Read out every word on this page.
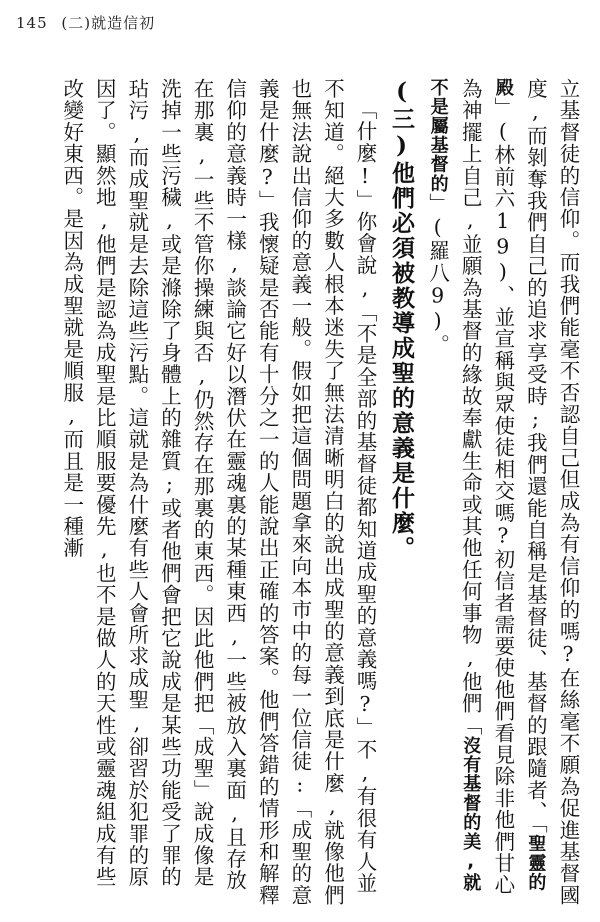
145 (二)就造信初

立基督徒的信仰。而我們能毫不否認自己但成為有信仰的嗎?在絲毫不願為促進基督國度,而剝奪我們自己的追求享受時;我們還能自稱是基督徒、基督的跟隨者、「聖靈的殿」(林前六19)、並宣稱與眾使徒相交嗎?初信者需要使他們看見除非他們甘心為神擺上自己,並願為基督的緣故奉獻生命或其他任何事物,他們「沒有基督的美,就不是屬基督的」(羅八9)。

(三)他們必須被教導成聖的意義是什麼。

「什麼!」你會說,「不是全部的基督徒都知道成聖的意義嗎?」不,有很有人並不知道。絕大多數人根本迷失了無法清晰明白的說出成聖的意義到底是什麼,就像他們也無法說出信仰的意義一般。假如把這個問題拿來向本市中的每一位信徒:「成聖的意義是什麼?」我懷疑是否能有十分之一的人能說出正確的答案。他們答錯的情形和解釋信仰的意義時一樣,談論它好以潛伏在靈魂裏的某種東西,一些被放入裏面,且存放在那裏,一些不管你操練與否,仍然存在那裏的東西。因此他們把「成聖」說成像是洗掉一些污穢,或是滌除了身體上的雜質;或者他們會把它說成是某些功能受了罪的玷污,而成聖就是去除這些污點。這就是為什麼有些人會所求成聖,卻習於犯罪的原因了。顯然地,他們是認為成聖是比順服要優先,也不是做人的天性或靈魂組成有些改變好東西。是因為成聖就是順服,而且是一種漸
